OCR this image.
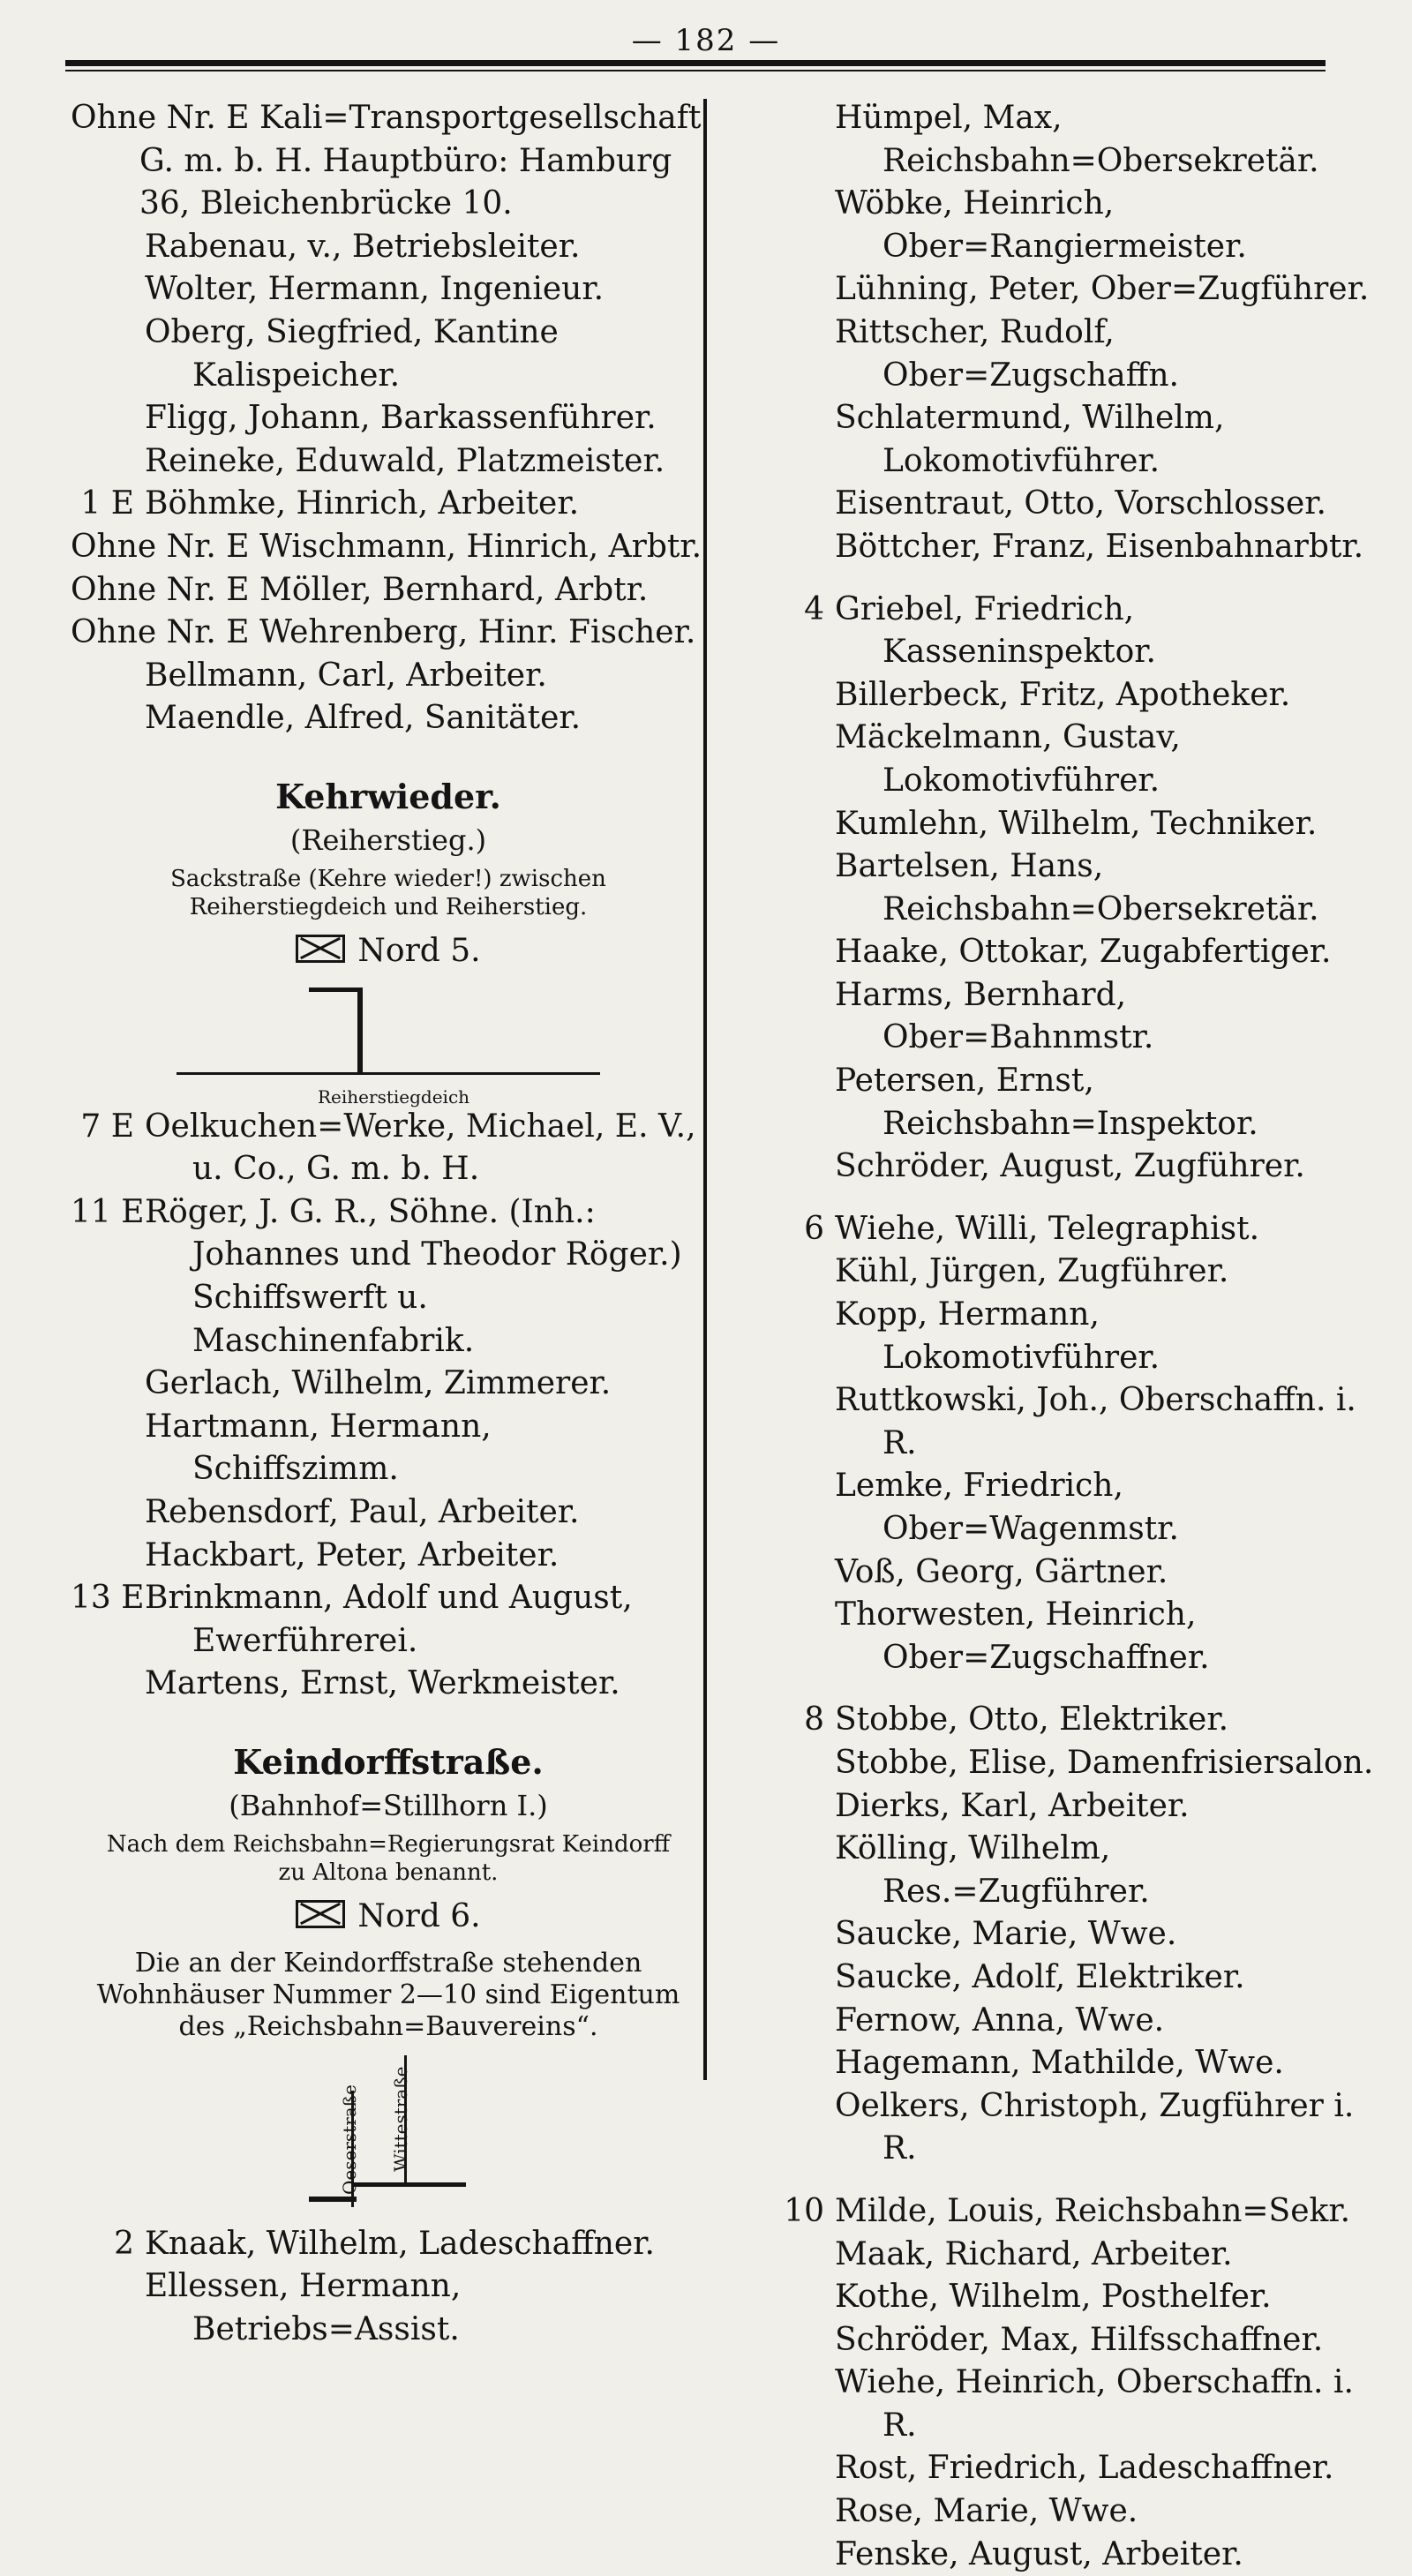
— 182 —
Ohne Nr. E Kali=Transportgesellschaft G. m. b. H. Hauptbüro: Hamburg 36, Bleichenbrücke 10.
Rabenau, v., Betriebsleiter.
Wolter, Hermann, Ingenieur.
Oberg, Siegfried, Kantine Kalispeicher.
Fligg, Johann, Barkassenführer.
Reineke, Eduwald, Platzmeister.
1 E Böhmke, Hinrich, Arbeiter.
Ohne Nr. E Wischmann, Hinrich, Arbtr.
Ohne Nr. E Möller, Bernhard, Arbtr.
Ohne Nr. E Wehrenberg, Hinr. Fischer.
Bellmann, Carl, Arbeiter.
Maendle, Alfred, Sanitäter.
Kehrwieder.
(Reiherstieg.)
Sackstraße (Kehre wieder!) zwischen Reiherstiegdeich und Reiherstieg.
Nord 5.
Reiherstiegdeich
7 E Oelkuchen=Werke, Michael, E. V., u. Co., G. m. b. H.
11 E Röger, J. G. R., Söhne. (Inh.: Johannes und Theodor Röger.) Schiffswerft u. Maschinenfabrik.
Gerlach, Wilhelm, Zimmerer.
Hartmann, Hermann, Schiffszimm.
Rebensdorf, Paul, Arbeiter.
Hackbart, Peter, Arbeiter.
13 E Brinkmann, Adolf und August, Ewerführerei.
Martens, Ernst, Werkmeister.
Keindorffstraße.
(Bahnhof=Stillhorn I.)
Nach dem Reichsbahn=Regierungsrat Keindorff zu Altona benannt.
Nord 6.
Die an der Keindorffstraße stehenden Wohnhäuser Nummer 2—10 sind Eigentum des „Reichsbahn=Bauvereins“.
Oeserstraße	Wittestraße
2 Knaak, Wilhelm, Ladeschaffner.
Ellessen, Hermann, Betriebs=Assist.
Hümpel, Max, Reichsbahn=Obersekretär.
Wöbke, Heinrich, Ober=Rangiermeister.
Lühning, Peter, Ober=Zugführer.
Rittscher, Rudolf, Ober=Zugschaffn.
Schlatermund, Wilhelm, Lokomotivführer.
Eisentraut, Otto, Vorschlosser.
Böttcher, Franz, Eisenbahnarbtr.
4 Griebel, Friedrich, Kasseninspektor.
Billerbeck, Fritz, Apotheker.
Mäckelmann, Gustav, Lokomotivführer.
Kumlehn, Wilhelm, Techniker.
Bartelsen, Hans, Reichsbahn=Obersekretär.
Haake, Ottokar, Zugabfertiger.
Harms, Bernhard, Ober=Bahnmstr.
Petersen, Ernst, Reichsbahn=Inspektor.
Schröder, August, Zugführer.
6 Wiehe, Willi, Telegraphist.
Kühl, Jürgen, Zugführer.
Kopp, Hermann, Lokomotivführer.
Ruttkowski, Joh., Oberschaffn. i. R.
Lemke, Friedrich, Ober=Wagenmstr.
Voß, Georg, Gärtner.
Thorwesten, Heinrich, Ober=Zugschaffner.
8 Stobbe, Otto, Elektriker.
Stobbe, Elise, Damenfrisiersalon.
Dierks, Karl, Arbeiter.
Kölling, Wilhelm, Res.=Zugführer.
Saucke, Marie, Wwe.
Saucke, Adolf, Elektriker.
Fernow, Anna, Wwe.
Hagemann, Mathilde, Wwe.
Oelkers, Christoph, Zugführer i. R.
10 Milde, Louis, Reichsbahn=Sekr.
Maak, Richard, Arbeiter.
Kothe, Wilhelm, Posthelfer.
Schröder, Max, Hilfsschaffner.
Wiehe, Heinrich, Oberschaffn. i. R.
Rost, Friedrich, Ladeschaffner.
Rose, Marie, Wwe.
Fenske, August, Arbeiter.
